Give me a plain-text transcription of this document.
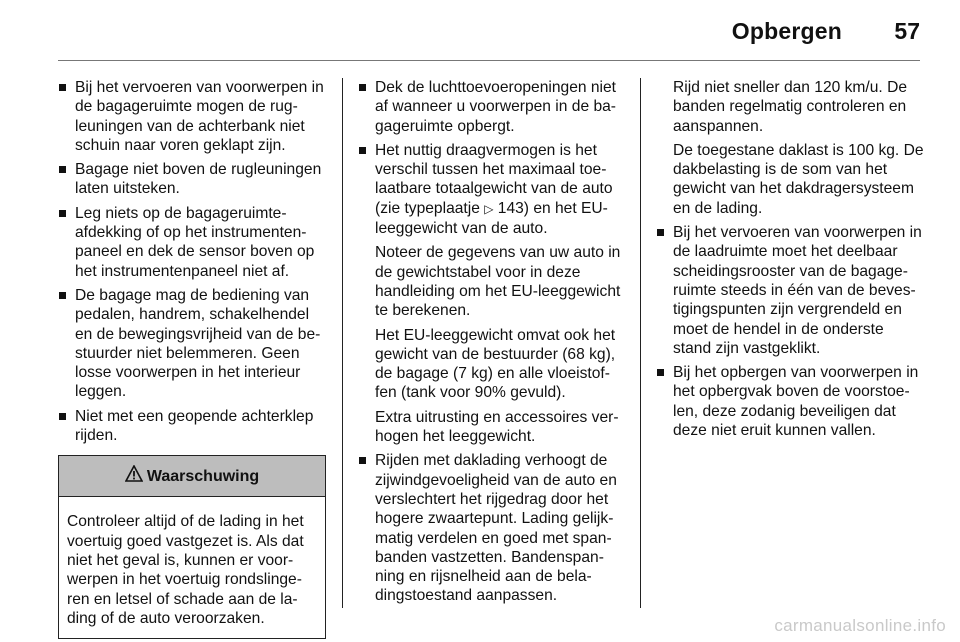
Opbergen 57
Bij het vervoeren van voorwerpen in de bagageruimte mogen de rugleuningen van de achterbank niet schuin naar voren geklapt zijn.
Bagage niet boven de rugleuningen laten uitsteken.
Leg niets op de bagageruimteafdekking of op het instrumentenpaneel en dek de sensor boven op het instrumentenpaneel niet af.
De bagage mag de bediening van pedalen, handrem, schakelhendel en de bewegingsvrijheid van de bestuurder niet belemmeren. Geen losse voorwerpen in het interieur leggen.
Niet met een geopende achterklep rijden.
Waarschuwing
Controleer altijd of de lading in het voertuig goed vastgezet is. Als dat niet het geval is, kunnen er voorwerpen in het voertuig rondslingeren en letsel of schade aan de lading of de auto veroorzaken.
Dek de luchttoevoeropeningen niet af wanneer u voorwerpen in de bagageruimte opbergt.
Het nuttig draagvermogen is het verschil tussen het maximaal toelaatbare totaalgewicht van de auto (zie typeplaatje ▷ 143) en het EU-leeggewicht van de auto.
Noteer de gegevens van uw auto in de gewichtstabel voor in deze handleiding om het EU-leeggewicht te berekenen.
Het EU-leeggewicht omvat ook het gewicht van de bestuurder (68 kg), de bagage (7 kg) en alle vloeistoffen (tank voor 90% gevuld).
Extra uitrusting en accessoires verhogen het leeggewicht.
Rijden met daklading verhoogt de zijwindgevoeligheid van de auto en verslechtert het rijgedrag door het hogere zwaartepunt. Lading gelijkmatig verdelen en goed met spanbanden vastzetten. Bandenspanning en rijsnelheid aan de beladingstoestand aanpassen.
Rijd niet sneller dan 120 km/u. De banden regelmatig controleren en aanspannen.
De toegestane daklast is 100 kg. De dakbelasting is de som van het gewicht van het dakdragersysteem en de lading.
Bij het vervoeren van voorwerpen in de laadruimte moet het deelbaar scheidingsrooster van de bagageruimte steeds in één van de bevestigingspunten zijn vergrendeld en moet de hendel in de onderste stand zijn vastgeklikt.
Bij het opbergen van voorwerpen in het opbergvak boven de voorstoelen, deze zodanig beveiligen dat deze niet eruit kunnen vallen.
carmanualsonline.info
